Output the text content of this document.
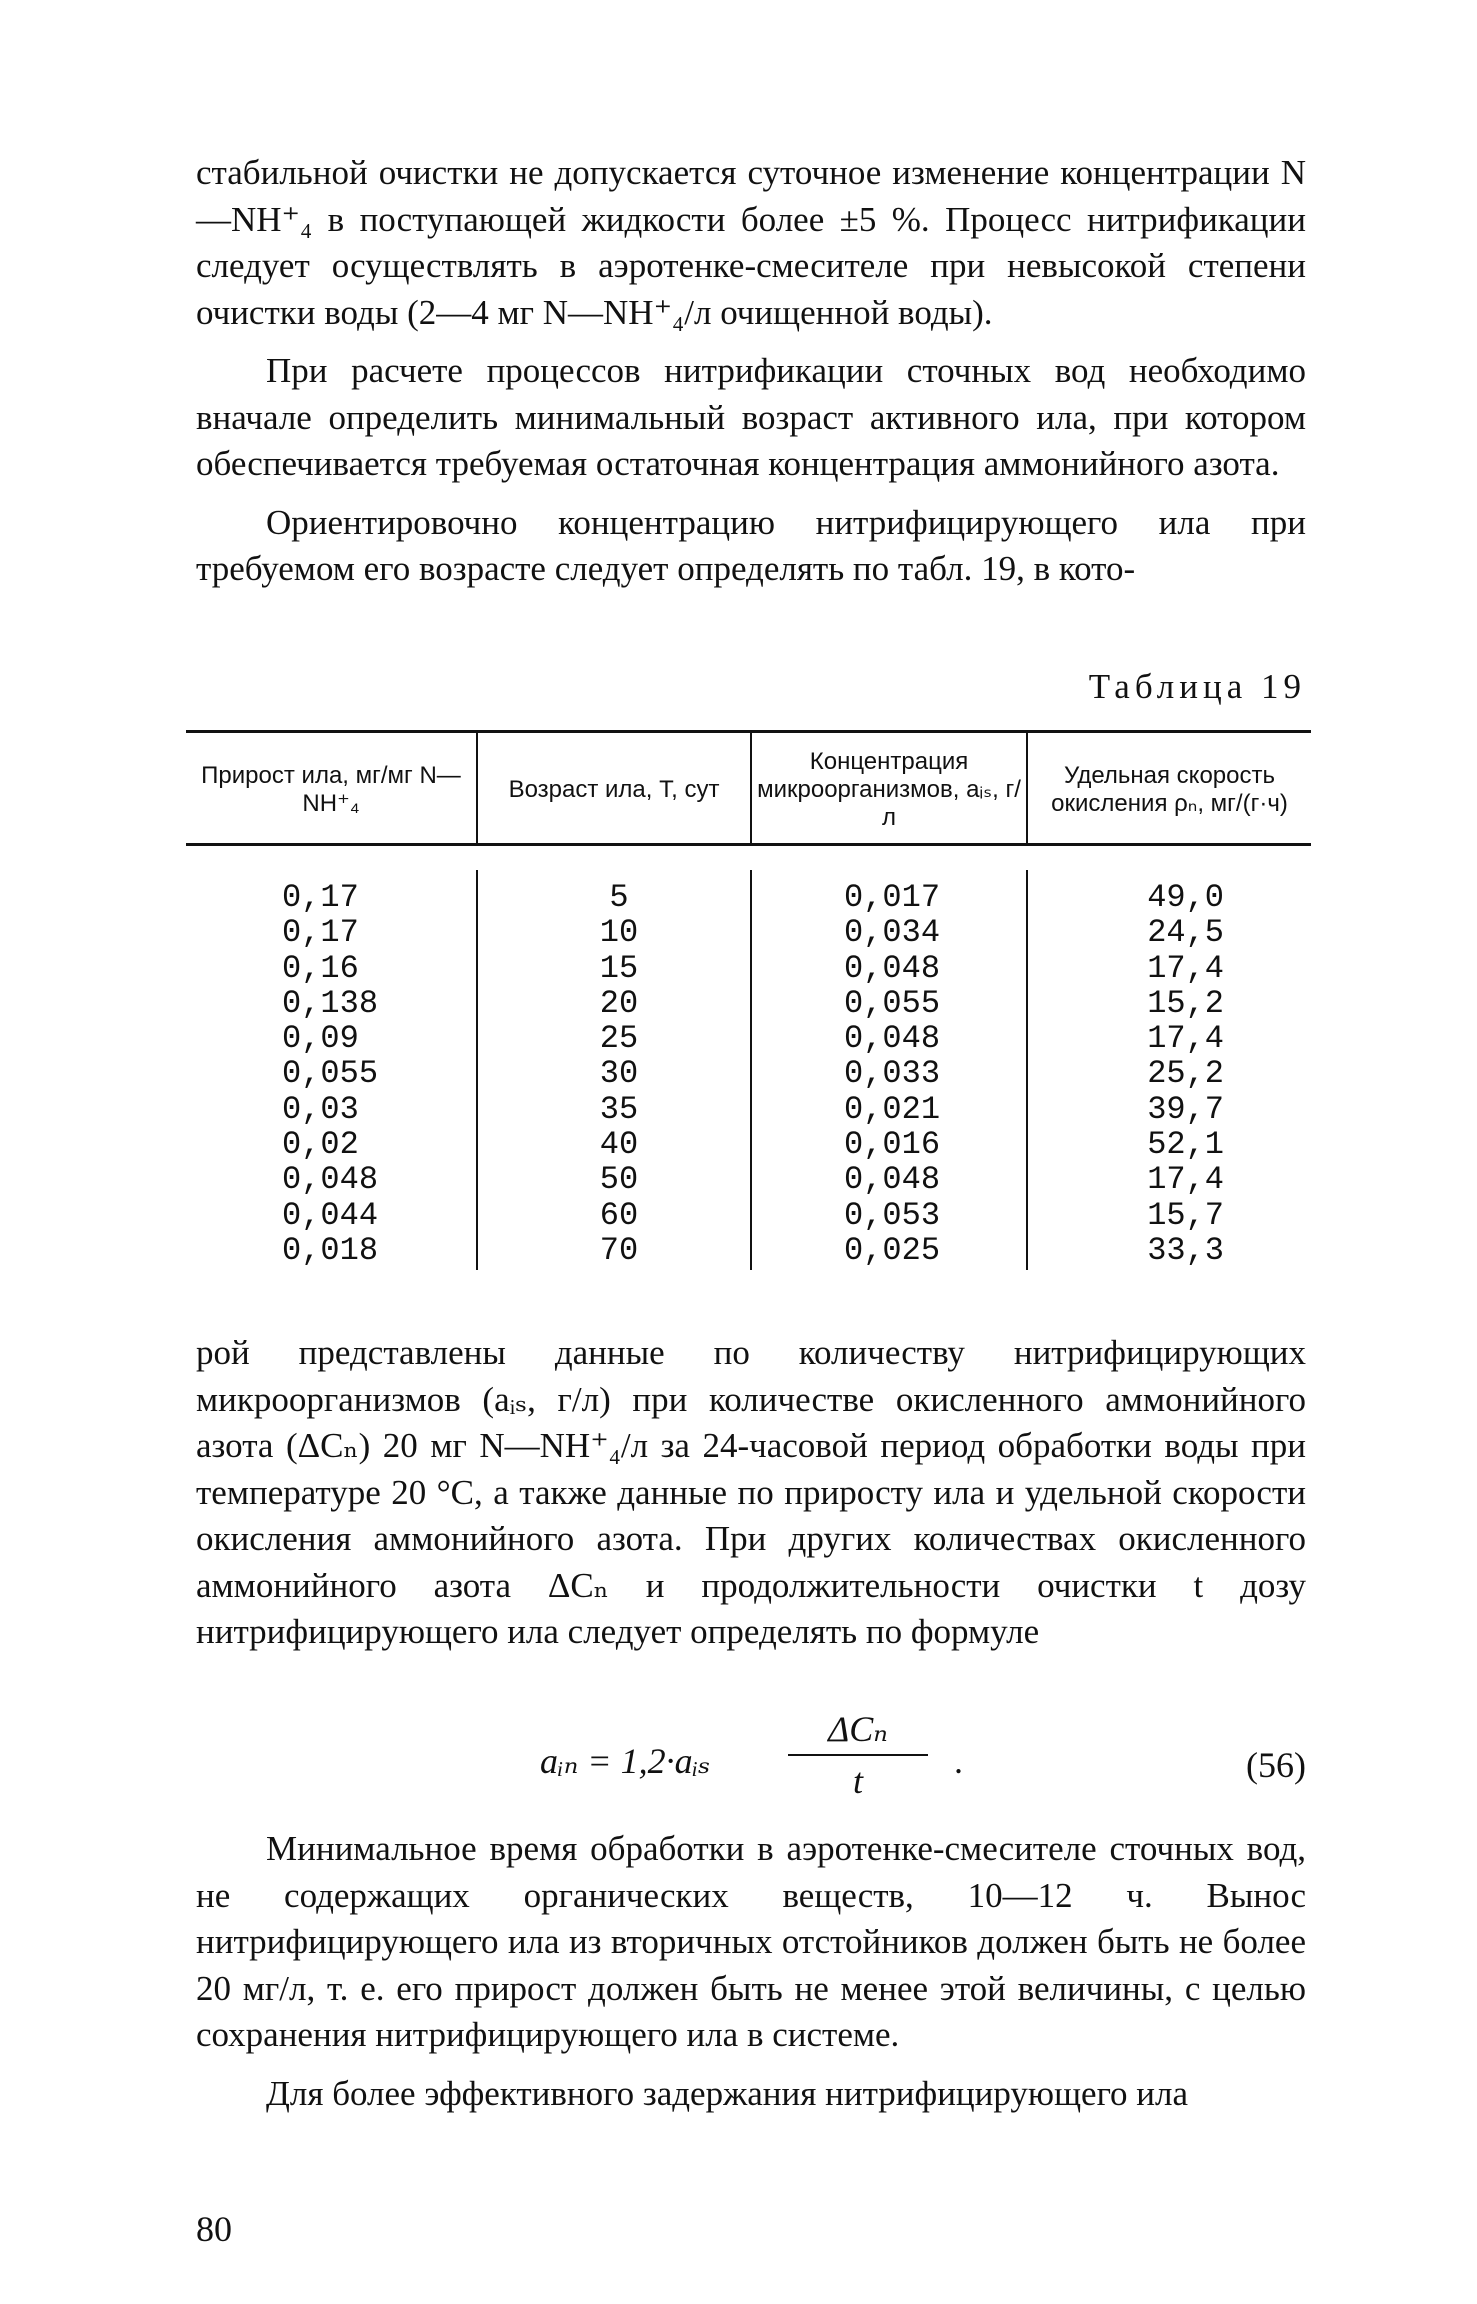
стабильной очистки не допускается суточное изменение концентрации N—NH⁺₄ в поступающей жидкости более ±5 %. Процесс нитрификации следует осуществлять в аэротенке-смесителе при невысокой степени очистки воды (2—4 мг N—NH⁺₄/л очищенной воды).

При расчете процессов нитрификации сточных вод необходимо вначале определить минимальный возраст активного ила, при котором обеспечивается требуемая остаточная концентрация аммонийного азота.

Ориентировочно концентрацию нитрифицирующего ила при требуемом его возрасте следует определять по табл. 19, в кото-

Таблица 19
Прирост ила, мг/мг N—NH⁺₄
Возраст ила, T, сут
Концентрация микроорганизмов, aᵢₛ, г/л
Удельная скорость окисления ρₙ, мг/(г·ч)
0,17
0,17
0,16
0,138
0,09
0,055
0,03
0,02
0,048
0,044
0,018
5
10
15
20
25
30
35
40
50
60
70
0,017
0,034
0,048
0,055
0,048
0,033
0,021
0,016
0,048
0,053
0,025
49,0
24,5
17,4
15,2
17,4
25,2
39,7
52,1
17,4
15,7
33,3

рой представлены данные по количеству нитрифицирующих микроорганизмов (aᵢₛ, г/л) при количестве окисленного аммонийного азота (ΔCₙ) 20 мг N—NH⁺₄/л за 24-часовой период обработки воды при температуре 20 °С, а также данные по приросту ила и удельной скорости окисления аммонийного азота. При других количествах окисленного аммонийного азота ΔCₙ и продолжительности очистки t дозу нитрифицирующего ила следует определять по формуле

aᵢₙ = 1,2·aᵢₛ
ΔCₙ
t	.	(56)

Минимальное время обработки в аэротенке-смесителе сточных вод, не содержащих органических веществ, 10—12 ч. Вынос нитрифицирующего ила из вторичных отстойников должен быть не более 20 мг/л, т. е. его прирост должен быть не менее этой величины, с целью сохранения нитрифицирующего ила в системе.

Для более эффективного задержания нитрифицирующего ила

80
